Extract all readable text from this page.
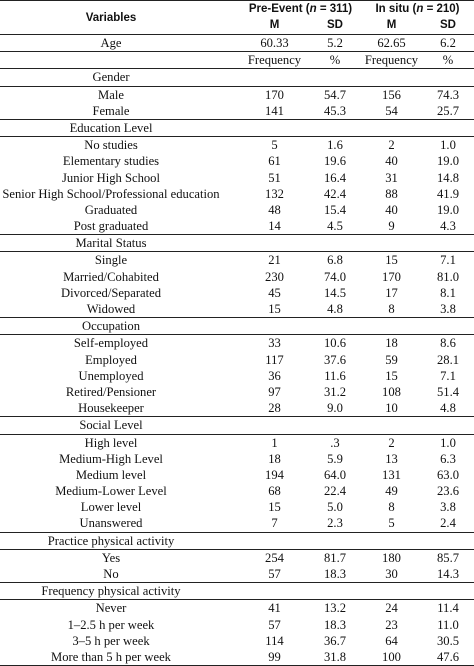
Variables
Pre-Event (n = 311)	In situ (n = 210)
M	SD	M	SD
Age	60.33	5.2	62.65	6.2
Frequency	%	Frequency	%
Gender
Male	170	54.7	156	74.3
Female	141	45.3	54	25.7
Education Level
No studies	5	1.6	2	1.0
Elementary studies	61	19.6	40	19.0
Junior High School	51	16.4	31	14.8
Senior High School/Professional education	132	42.4	88	41.9
Graduated	48	15.4	40	19.0
Post graduated	14	4.5	9	4.3
Marital Status
Single	21	6.8	15	7.1
Married/Cohabited	230	74.0	170	81.0
Divorced/Separated	45	14.5	17	8.1
Widowed	15	4.8	8	3.8
Occupation
Self-employed	33	10.6	18	8.6
Employed	117	37.6	59	28.1
Unemployed	36	11.6	15	7.1
Retired/Pensioner	97	31.2	108	51.4
Housekeeper	28	9.0	10	4.8
Social Level
High level	1	.3	2	1.0
Medium-High Level	18	5.9	13	6.3
Medium level	194	64.0	131	63.0
Medium-Lower Level	68	22.4	49	23.6
Lower level	15	5.0	8	3.8
Unanswered	7	2.3	5	2.4
Practice physical activity
Yes	254	81.7	180	85.7
No	57	18.3	30	14.3
Frequency physical activity
Never	41	13.2	24	11.4
1–2.5 h per week	57	18.3	23	11.0
3–5 h per week	114	36.7	64	30.5
More than 5 h per week	99	31.8	100	47.6
